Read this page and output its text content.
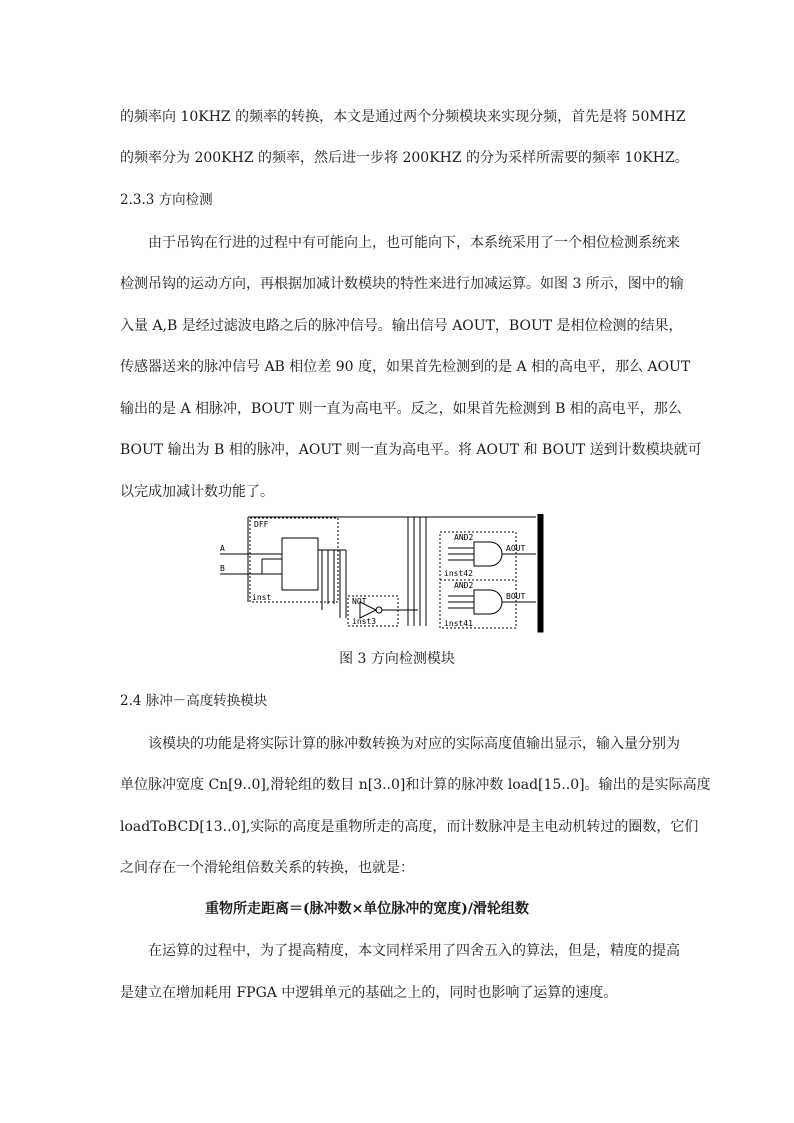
的频率向 10KHZ 的频率的转换，本文是通过两个分频模块来实现分频，首先是将 50MHZ
的频率分为 200KHZ 的频率，然后进一步将 200KHZ 的分为采样所需要的频率 10KHZ。
2.3.3 方向检测
由于吊钩在行进的过程中有可能向上，也可能向下，本系统采用了一个相位检测系统来
检测吊钩的运动方向，再根据加减计数模块的特性来进行加减运算。如图 3 所示，图中的输
入量 A,B 是经过滤波电路之后的脉冲信号。输出信号 AOUT，BOUT 是相位检测的结果，
传感器送来的脉冲信号 AB 相位差 90 度，如果首先检测到的是 A 相的高电平，那么 AOUT
输出的是 A 相脉冲，BOUT 则一直为高电平。反之，如果首先检测到 B 相的高电平，那么
BOUT 输出为 B 相的脉冲，AOUT 则一直为高电平。将 AOUT 和 BOUT 送到计数模块就可
以完成加减计数功能了。
DFF
A
B
inst	NOT
inst3
AND2
inst42
AND2
inst41
AOUT
BOUT
图 3 方向检测模块
2.4 脉冲－高度转换模块
该模块的功能是将实际计算的脉冲数转换为对应的实际高度值输出显示，输入量分别为
单位脉冲宽度 Cn[9..0],滑轮组的数目 n[3..0]和计算的脉冲数 load[15..0]。输出的是实际高度
loadToBCD[13..0],实际的高度是重物所走的高度，而计数脉冲是主电动机转过的圈数，它们
之间存在一个滑轮组倍数关系的转换，也就是：
重物所走距离＝(脉冲数×单位脉冲的宽度)/滑轮组数
在运算的过程中，为了提高精度，本文同样采用了四舍五入的算法，但是，精度的提高
是建立在增加耗用 FPGA 中逻辑单元的基础之上的，同时也影响了运算的速度。
